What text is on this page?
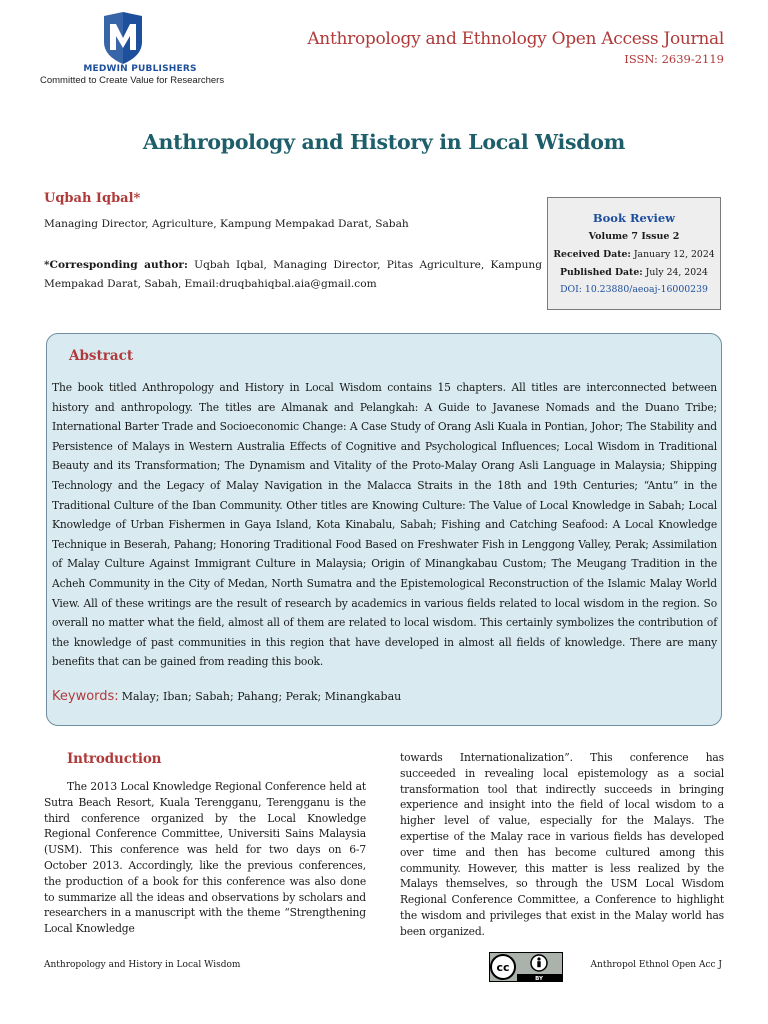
MEDWIN PUBLISHERS
Committed to Create Value for Researchers
Anthropology and Ethnology Open Access Journal
ISSN: 2639-2119
Anthropology and History in Local Wisdom
Uqbah Iqbal*
Managing Director, Agriculture, Kampung Mempakad Darat, Sabah

*Corresponding author: Uqbah Iqbal, Managing Director, Pitas Agriculture, Kampung Mempakad Darat, Sabah, Email:druqbahiqbal.aia@gmail.com

Book Review
Volume 7 Issue 2
Received Date: January 12, 2024
Published Date: July 24, 2024
DOI: 10.23880/aeoaj-16000239
Abstract

The book titled Anthropology and History in Local Wisdom contains 15 chapters. All titles are interconnected between history and anthropology. The titles are Almanak and Pelangkah: A Guide to Javanese Nomads and the Duano Tribe; International Barter Trade and Socioeconomic Change: A Case Study of Orang Asli Kuala in Pontian, Johor; The Stability and Persistence of Malays in Western Australia Effects of Cognitive and Psychological Influences; Local Wisdom in Traditional Beauty and its Transformation; The Dynamism and Vitality of the Proto-Malay Orang Asli Language in Malaysia; Shipping Technology and the Legacy of Malay Navigation in the Malacca Straits in the 18th and 19th Centuries; “Antu” in the Traditional Culture of the Iban Community. Other titles are Knowing Culture: The Value of Local Knowledge in Sabah; Local Knowledge of Urban Fishermen in Gaya Island, Kota Kinabalu, Sabah; Fishing and Catching Seafood: A Local Knowledge Technique in Beserah, Pahang; Honoring Traditional Food Based on Freshwater Fish in Lenggong Valley, Perak; Assimilation of Malay Culture Against Immigrant Culture in Malaysia; Origin of Minangkabau Custom; The Meugang Tradition in the Acheh Community in the City of Medan, North Sumatra and the Epistemological Reconstruction of the Islamic Malay World View. All of these writings are the result of research by academics in various fields related to local wisdom in the region. So overall no matter what the field, almost all of them are related to local wisdom. This certainly symbolizes the contribution of the knowledge of past communities in this region that have developed in almost all fields of knowledge. There are many benefits that can be gained from reading this book.

Keywords: Malay; Iban; Sabah; Pahang; Perak; Minangkabau
Introduction

The 2013 Local Knowledge Regional Conference held at Sutra Beach Resort, Kuala Terengganu, Terengganu is the third conference organized by the Local Knowledge Regional Conference Committee, Universiti Sains Malaysia (USM). This conference was held for two days on 6-7 October 2013. Accordingly, like the previous conferences, the production of a book for this conference was also done to summarize all the ideas and observations by scholars and researchers in a manuscript with the theme “Strengthening Local Knowledge

towards Internationalization”. This conference has succeeded in revealing local epistemology as a social transformation tool that indirectly succeeds in bringing experience and insight into the field of local wisdom to a higher level of value, especially for the Malays. The expertise of the Malay race in various fields has developed over time and then has become cultured among this community. However, this matter is less realized by the Malays themselves, so through the USM Local Wisdom Regional Conference Committee, a Conference to highlight the wisdom and privileges that exist in the Malay world has been organized.

Anthropology and History in Local Wisdom	cc
BY
Anthropol Ethnol Open Acc J
